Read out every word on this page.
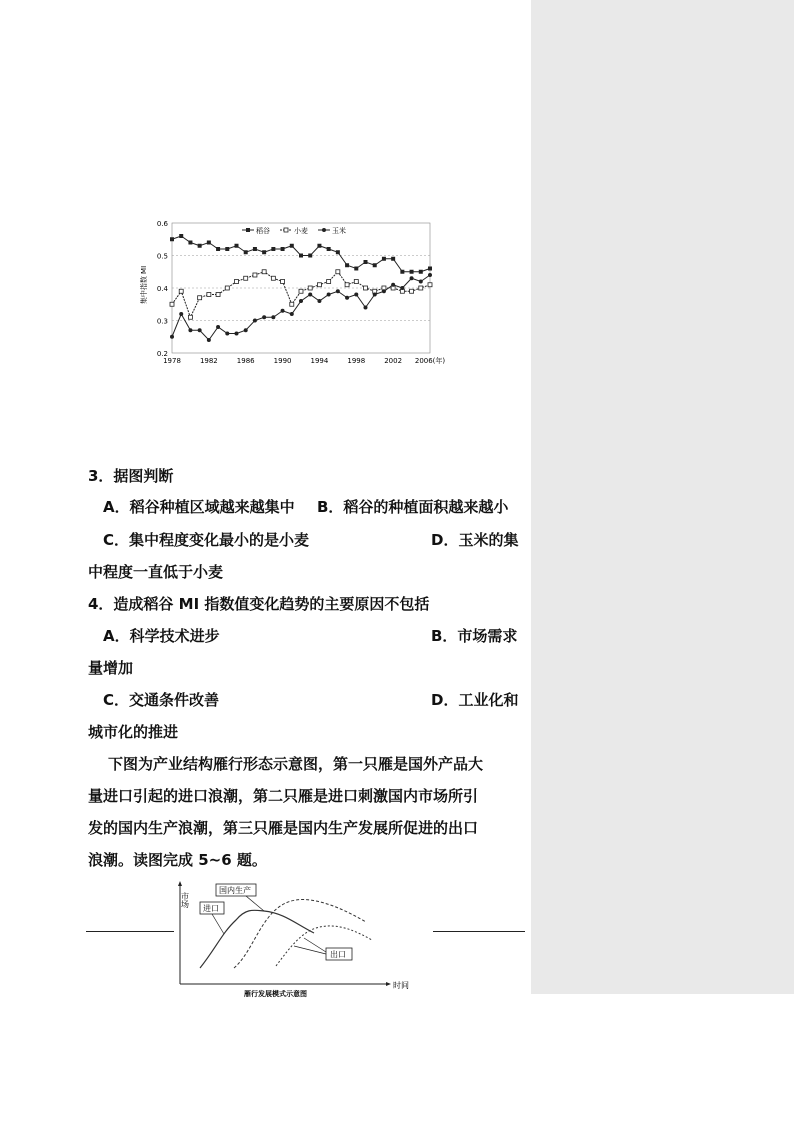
0.6
0.5
0.4
0.3
0.2
1978	1982	1986	1990	1994	1998	2002 2006(年)
集中指数 MI
稻谷	小麦	玉米
3．据图判断
A．稻谷种植区域越来越集中 B．稻谷的种植面积越来越小
C．集中程度变化最小的是小麦	D．玉米的集
中程度一直低于小麦
4．造成稻谷 MI 指数值变化趋势的主要原因不包括
A．科学技术进步	B．市场需求
量增加
C．交通条件改善	D．工业化和
城市化的推进
下图为产业结构雁行形态示意图，第一只雁是国外产品大
量进口引起的进口浪潮，第二只雁是进口刺激国内市场所引
发的国内生产浪潮，第三只雁是国内生产发展所促进的出口
浪潮。读图完成 5~6 题。
市场
时间
国内生产
进口
出口
雁行发展模式示意图
